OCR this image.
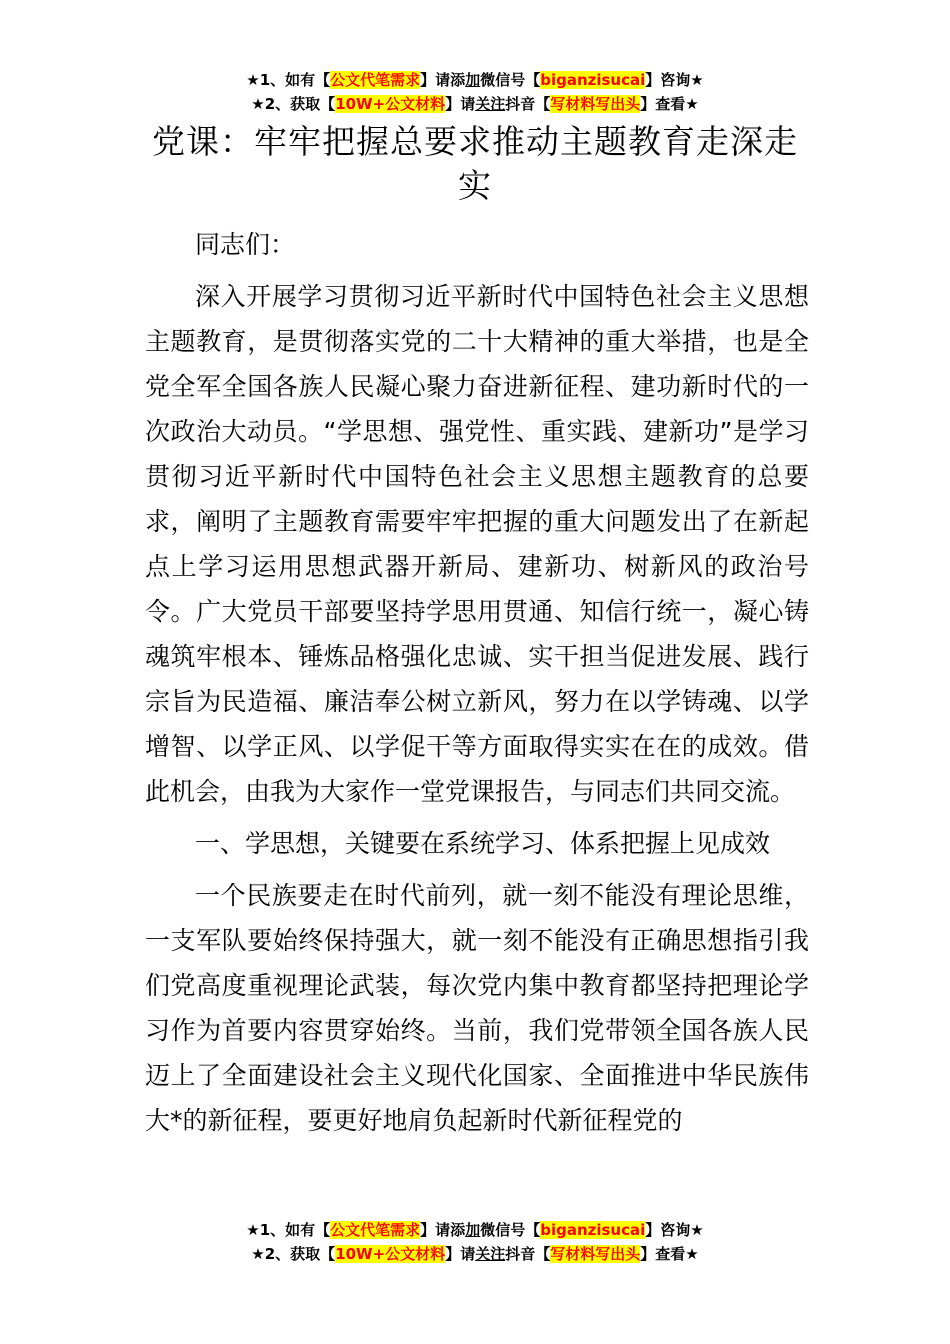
★1、如有【公文代笔需求】请添加微信号【biganzisucai】咨询★
★2、获取【10W+公文材料】请关注抖音【写材料写出头】查看★
党课：牢牢把握总要求推动主题教育走深走实

同志们：

深入开展学习贯彻习近平新时代中国特色社会主义思想主题教育，是贯彻落实党的二十大精神的重大举措，也是全党全军全国各族人民凝心聚力奋进新征程、建功新时代的一次政治大动员。“学思想、强党性、重实践、建新功”是学习贯彻习近平新时代中国特色社会主义思想主题教育的总要求，阐明了主题教育需要牢牢把握的重大问题发出了在新起点上学习运用思想武器开新局、建新功、树新风的政治号令。广大党员干部要坚持学思用贯通、知信行统一，凝心铸魂筑牢根本、锤炼品格强化忠诚、实干担当促进发展、践行宗旨为民造福、廉洁奉公树立新风，努力在以学铸魂、以学增智、以学正风、以学促干等方面取得实实在在的成效。借此机会，由我为大家作一堂党课报告，与同志们共同交流。

一、学思想，关键要在系统学习、体系把握上见成效

一个民族要走在时代前列，就一刻不能没有理论思维，一支军队要始终保持强大，就一刻不能没有正确思想指引我们党高度重视理论武装，每次党内集中教育都坚持把理论学习作为首要内容贯穿始终。当前，我们党带领全国各族人民迈上了全面建设社会主义现代化国家、全面推进中华民族伟大*的新征程，要更好地肩负起新时代新征程党的

★1、如有【公文代笔需求】请添加微信号【biganzisucai】咨询★
★2、获取【10W+公文材料】请关注抖音【写材料写出头】查看★
